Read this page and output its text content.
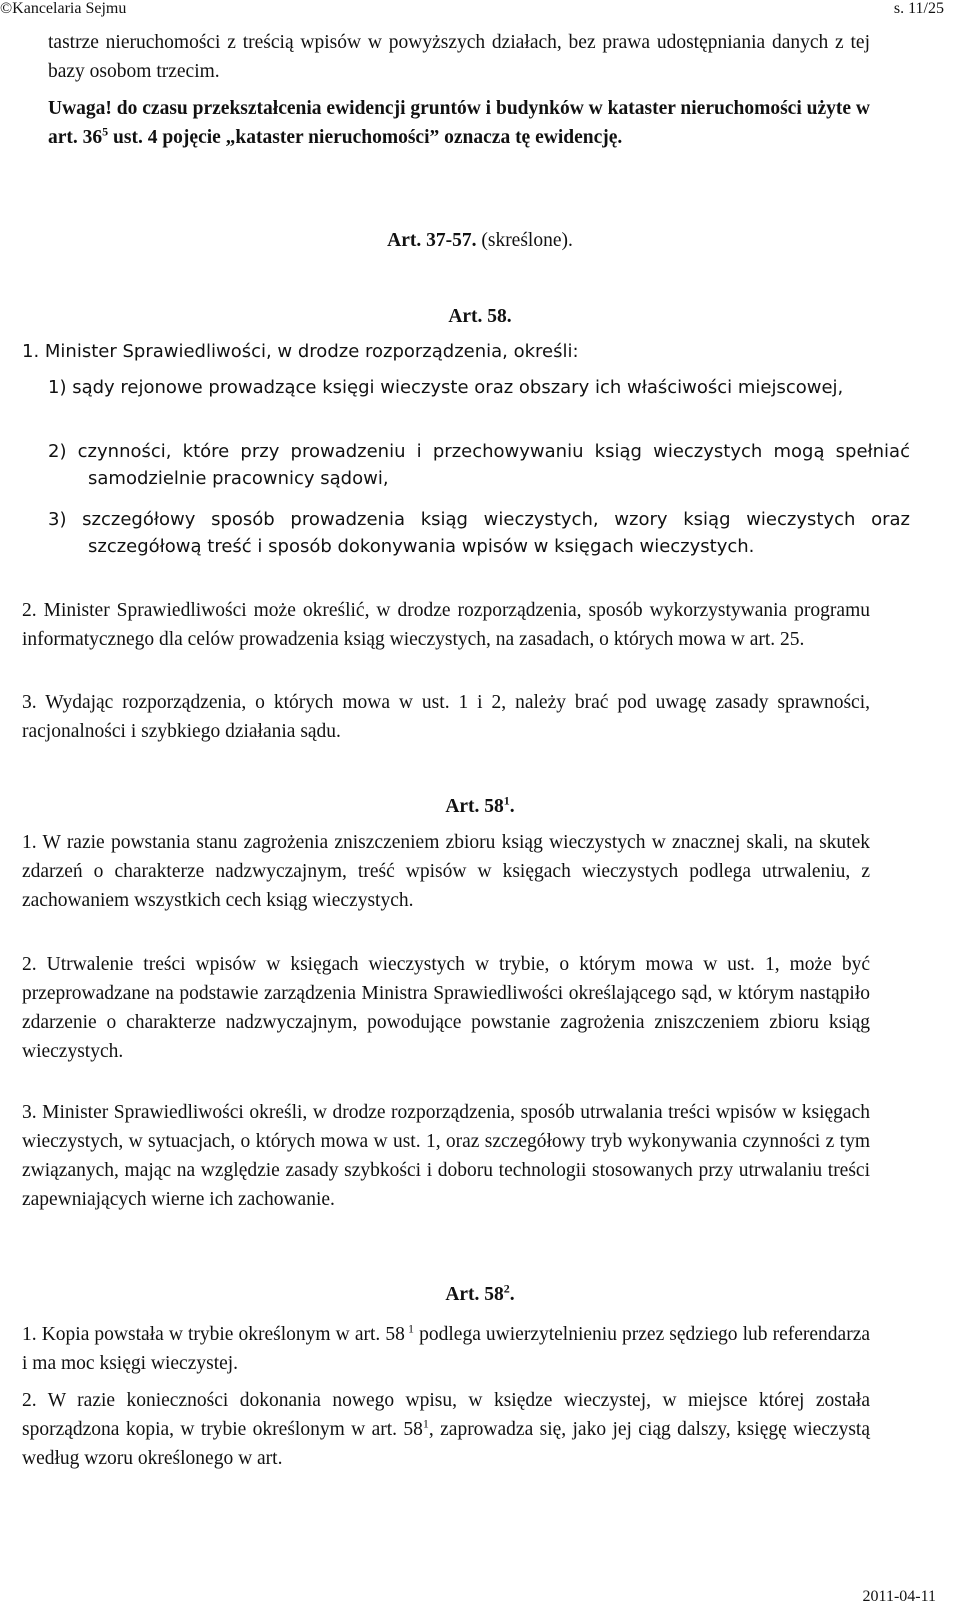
©Kancelaria Sejmu	s. 11/25
tastrze nieruchomości z treścią wpisów w powyższych działach, bez prawa udostępniania danych z tej bazy osobom trzecim.
Uwaga! do czasu przekształcenia ewidencji gruntów i budynków w kataster nieruchomości użyte w art. $36^5$ ust. 4 pojęcie „kataster nieruchomości” oznacza tę ewidencję.
Art. 37-57. (skreślone).
Art. 58.
1. Minister Sprawiedliwości, w drodze rozporządzenia, określi:
1) sądy rejonowe prowadzące księgi wieczyste oraz obszary ich właściwości miejscowej,
2) czynności, które przy prowadzeniu i przechowywaniu ksiąg wieczystych mogą spełniać samodzielnie pracownicy sądowi,
3) szczegółowy sposób prowadzenia ksiąg wieczystych, wzory ksiąg wieczystych oraz szczegółową treść i sposób dokonywania wpisów w księgach wieczystych.
2. Minister Sprawiedliwości może określić, w drodze rozporządzenia, sposób wykorzystywania programu informatycznego dla celów prowadzenia ksiąg wieczystych, na zasadach, o których mowa w art. 25.
3. Wydając rozporządzenia, o których mowa w ust. 1 i 2, należy brać pod uwagę zasady sprawności, racjonalności i szybkiego działania sądu.
Art. $58^1$.
1. W razie powstania stanu zagrożenia zniszczeniem zbioru ksiąg wieczystych w znacznej skali, na skutek zdarzeń o charakterze nadzwyczajnym, treść wpisów w księgach wieczystych podlega utrwaleniu, z zachowaniem wszystkich cech ksiąg wieczystych.
2. Utrwalenie treści wpisów w księgach wieczystych w trybie, o którym mowa w ust. 1, może być przeprowadzane na podstawie zarządzenia Ministra Sprawiedliwości określającego sąd, w którym nastąpiło zdarzenie o charakterze nadzwyczajnym, powodujące powstanie zagrożenia zniszczeniem zbioru ksiąg wieczystych.
3. Minister Sprawiedliwości określi, w drodze rozporządzenia, sposób utrwalania treści wpisów w księgach wieczystych, w sytuacjach, o których mowa w ust. 1, oraz szczegółowy tryb wykonywania czynności z tym związanych, mając na względzie zasady szybkości i doboru technologii stosowanych przy utrwalaniu treści zapewniających wierne ich zachowanie.
Art. $58^2$.
1. Kopia powstała w trybie określonym w art. 58 $^1$ podlega uwierzytelnieniu przez sędziego lub referendarza i ma moc księgi wieczystej.
2. W razie konieczności dokonania nowego wpisu, w księdze wieczystej, w miejsce której została sporządzona kopia, w trybie określonym w art. $58^1$, zaprowadza się, jako jej ciąg dalszy, księgę wieczystą według wzoru określonego w art.
2011-04-11
